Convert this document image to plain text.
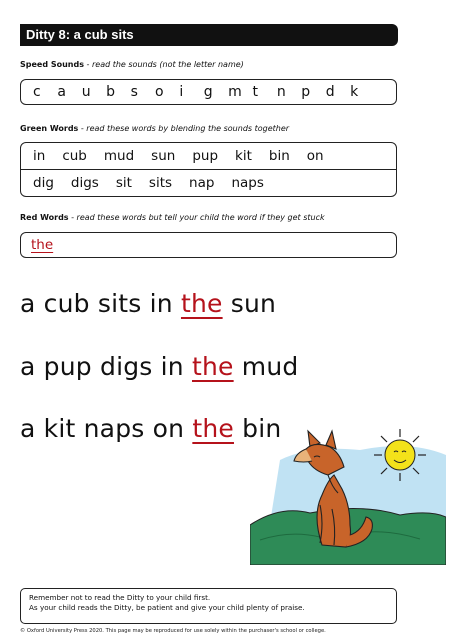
Ditty 8: a cub sits
Speed Sounds - read the sounds (not the letter name)
c	a	u	b	s	o	i	g	m t	n	p	d	k
Green Words - read these words by blending the sounds together
in cub mud sun pup kit bin on
dig digs sit sits nap naps
Red Words - read these words but tell your child the word if they get stuck
the
a cub sits in the sun
a pup digs in the mud
a kit naps on the bin
Remember not to read the Ditty to your child first.
As your child reads the Ditty, be patient and give your child plenty of praise.
© Oxford University Press 2020. This page may be reproduced for use solely within the purchaser's school or college.
